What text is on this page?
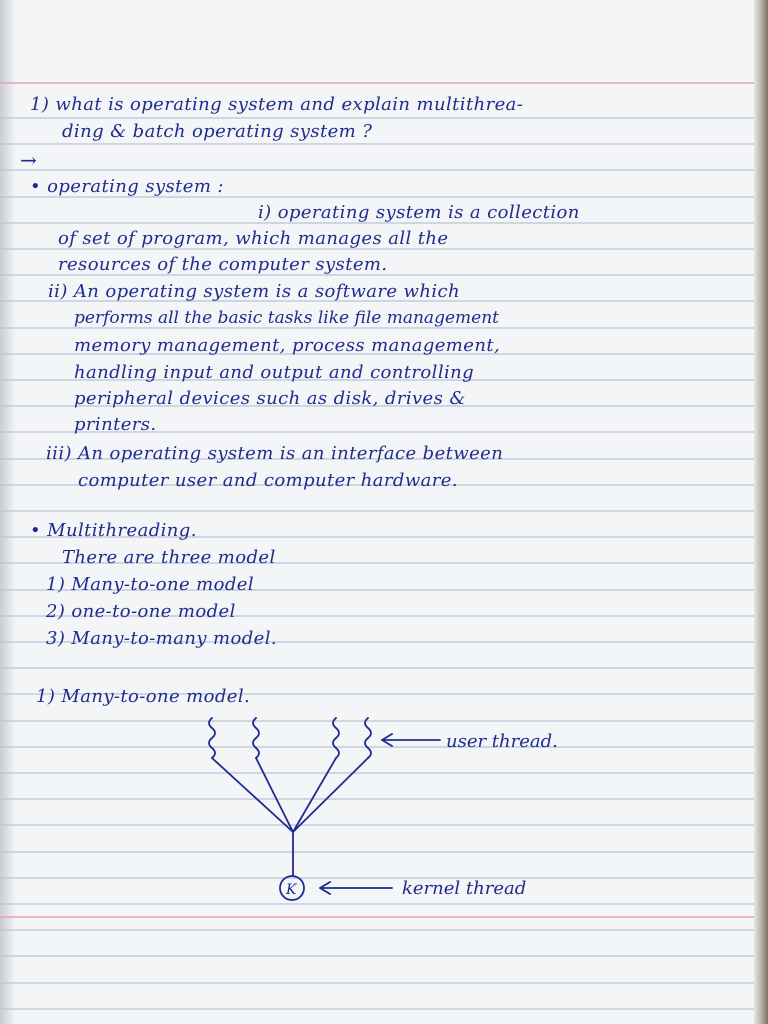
1) what is operating system and explain multithrea-
ding & batch operating system ?
→
• operating system :
i) operating system is a collection
of set of program, which manages all the
resources of the computer system.
ii) An operating system is a software which
performs all the basic tasks like file management
memory management, process management,
handling input and output and controlling
peripheral devices such as disk, drives &
printers.
iii) An operating system is an interface between
computer user and computer hardware.
• Multithreading.
There are three model
1) Many-to-one model
2) one-to-one model
3) Many-to-many model.
1) Many-to-one model.
K
user thread.
kernel thread
